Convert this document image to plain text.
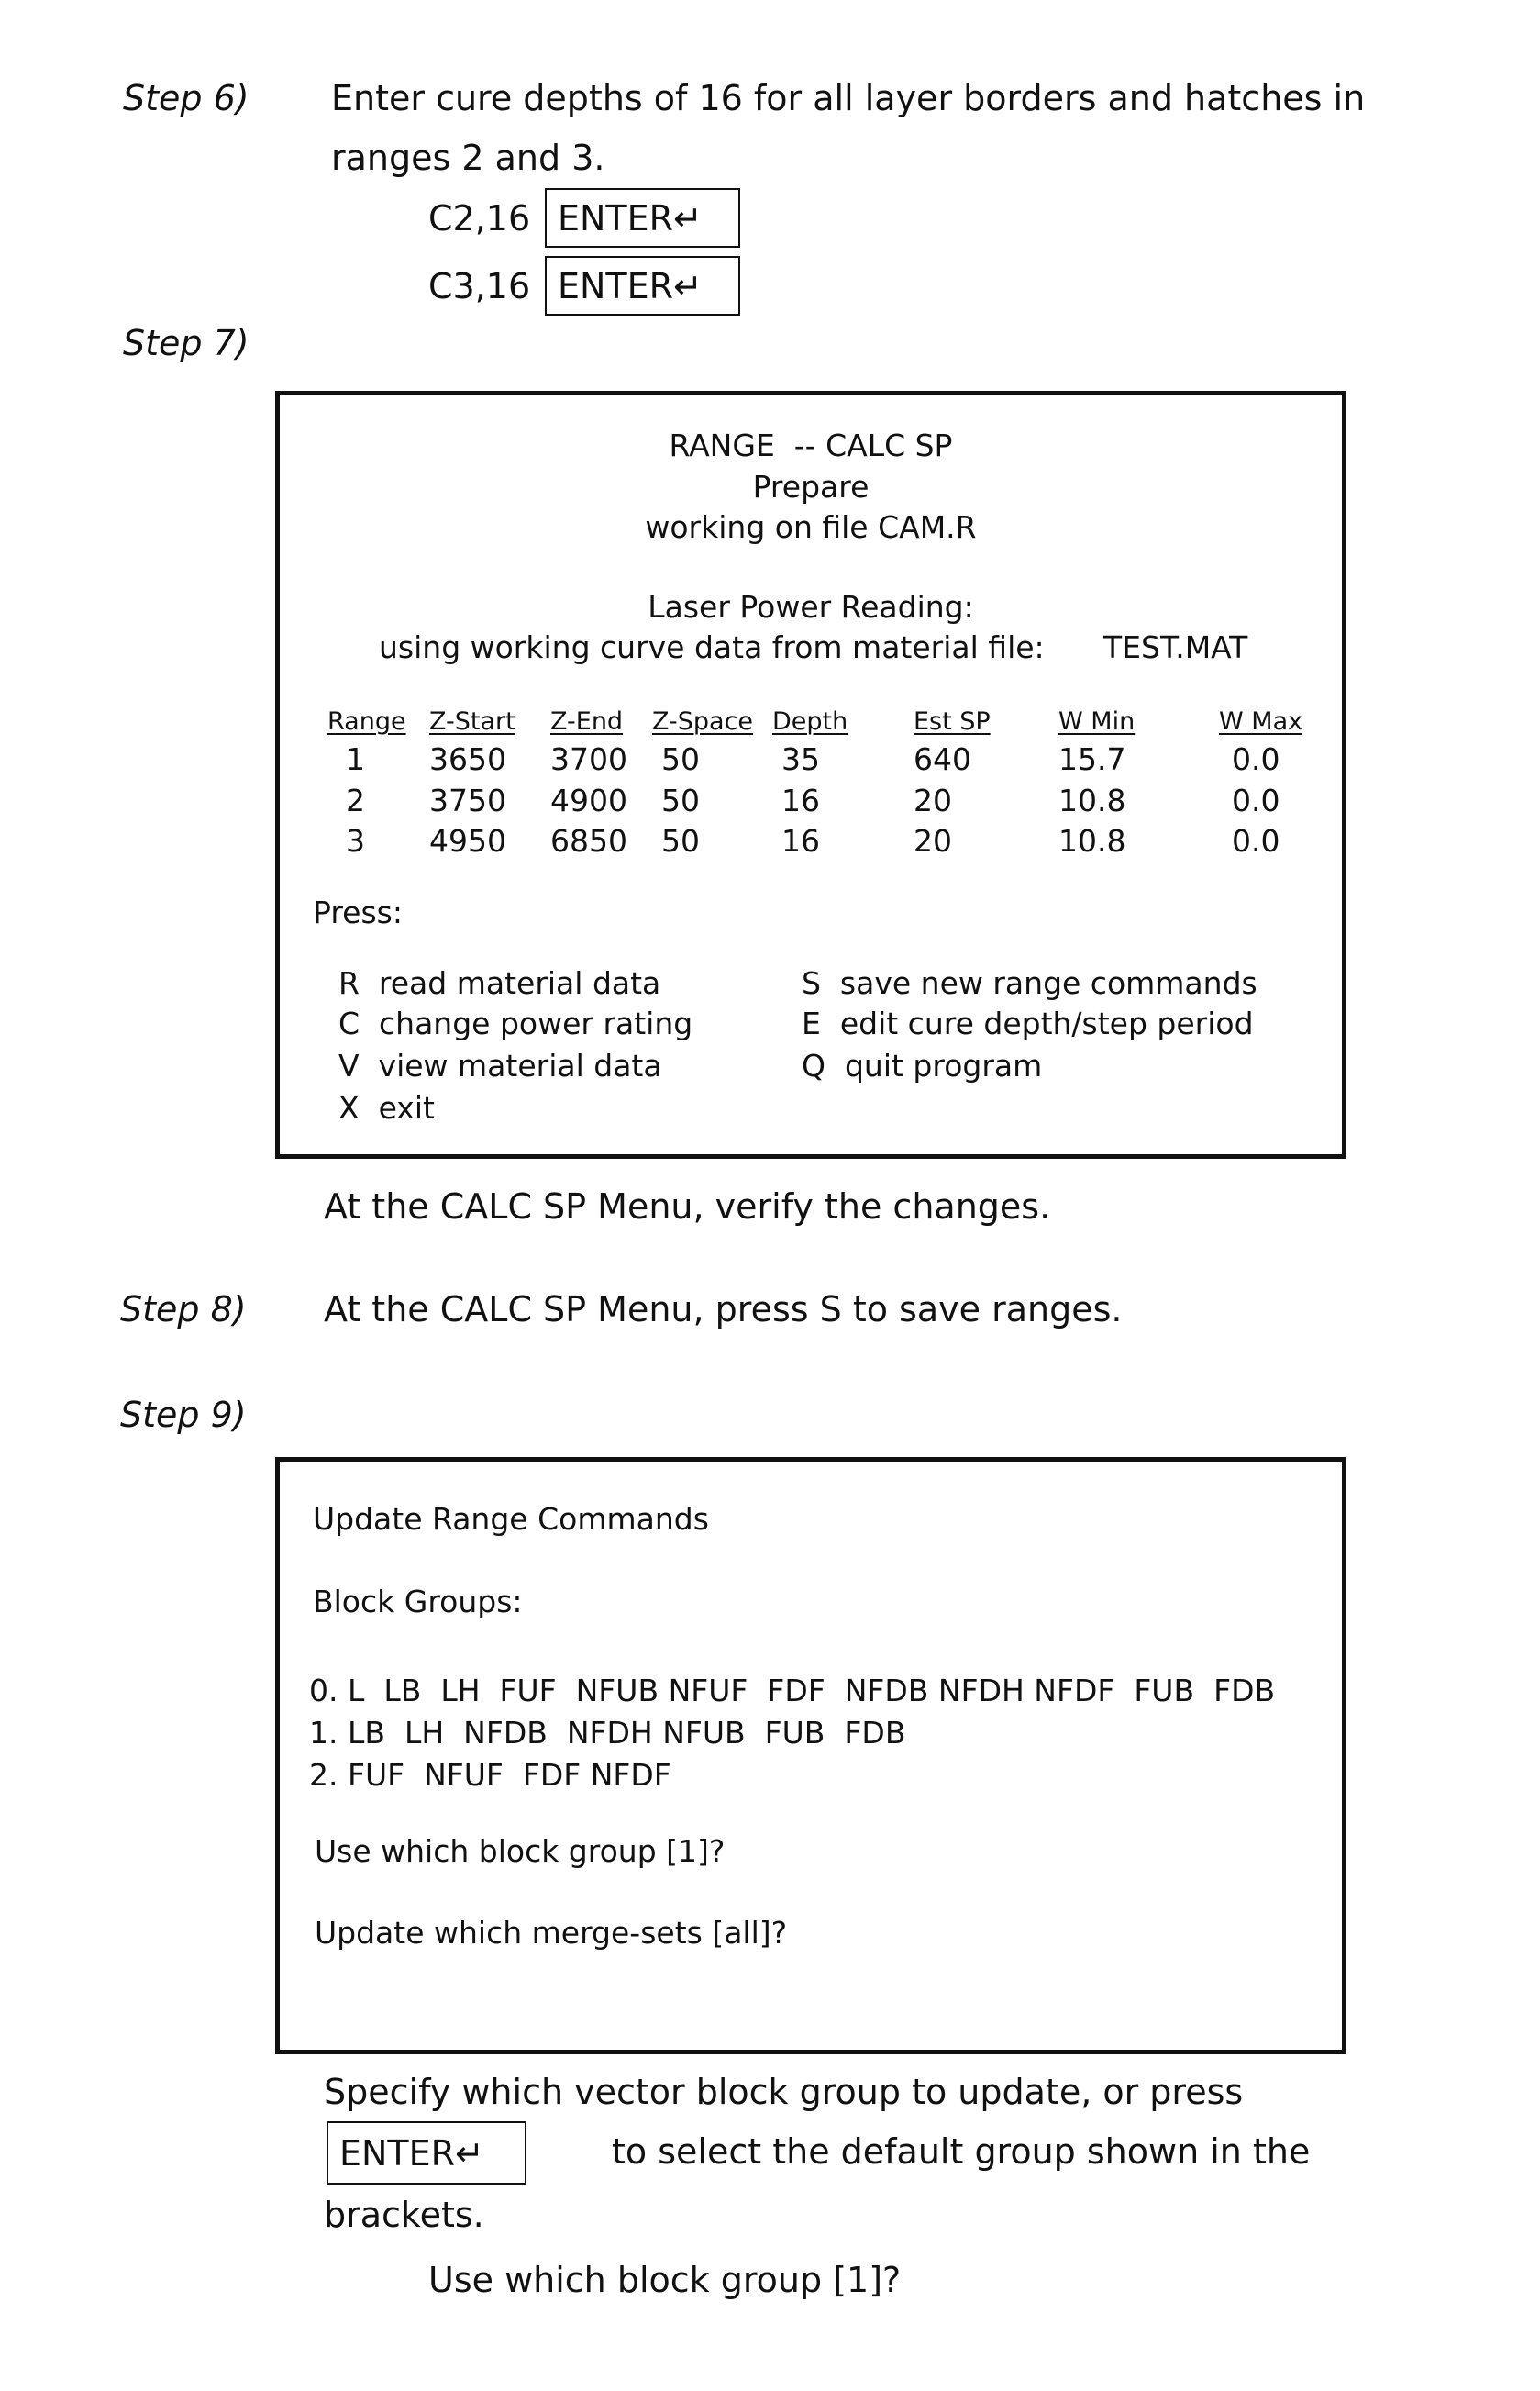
Step 6) Enter cure depths of 16 for all layer borders and hatches in
ranges 2 and 3.
C2,16 ENTER↵
C3,16 ENTER↵
Step 7)
RANGE  -- CALC SP
Prepare
working on file CAM.R
Laser Power Reading:
using working curve data from material file: TEST.MAT
Range Z-Start Z-End Z-Space Depth	Est SP	W Min	W Max
1 3650 3700 50	35	640	15.7	0.0
2 3750 4900 50	16	20	10.8	0.0
3 4950 6850 50	16	20	10.8	0.0
Press:
R  read material data
C  change power rating
V  view material data
X  exit
S  save new range commands
E  edit cure depth/step period
Q  quit program
At the CALC SP Menu, verify the changes.
Step 8) At the CALC SP Menu, press S to save ranges.
Step 9)
Update Range Commands
Block Groups:
0. L  LB  LH  FUF  NFUB NFUF  FDF  NFDB NFDH NFDF  FUB  FDB
1. LB  LH  NFDB  NFDH NFUB  FUB  FDB
2. FUF  NFUF  FDF NFDF
Use which block group [1]?
Update which merge-sets [all]?
Specify which vector block group to update, or press
ENTER↵	to select the default group shown in the
brackets.
Use which block group [1]?
